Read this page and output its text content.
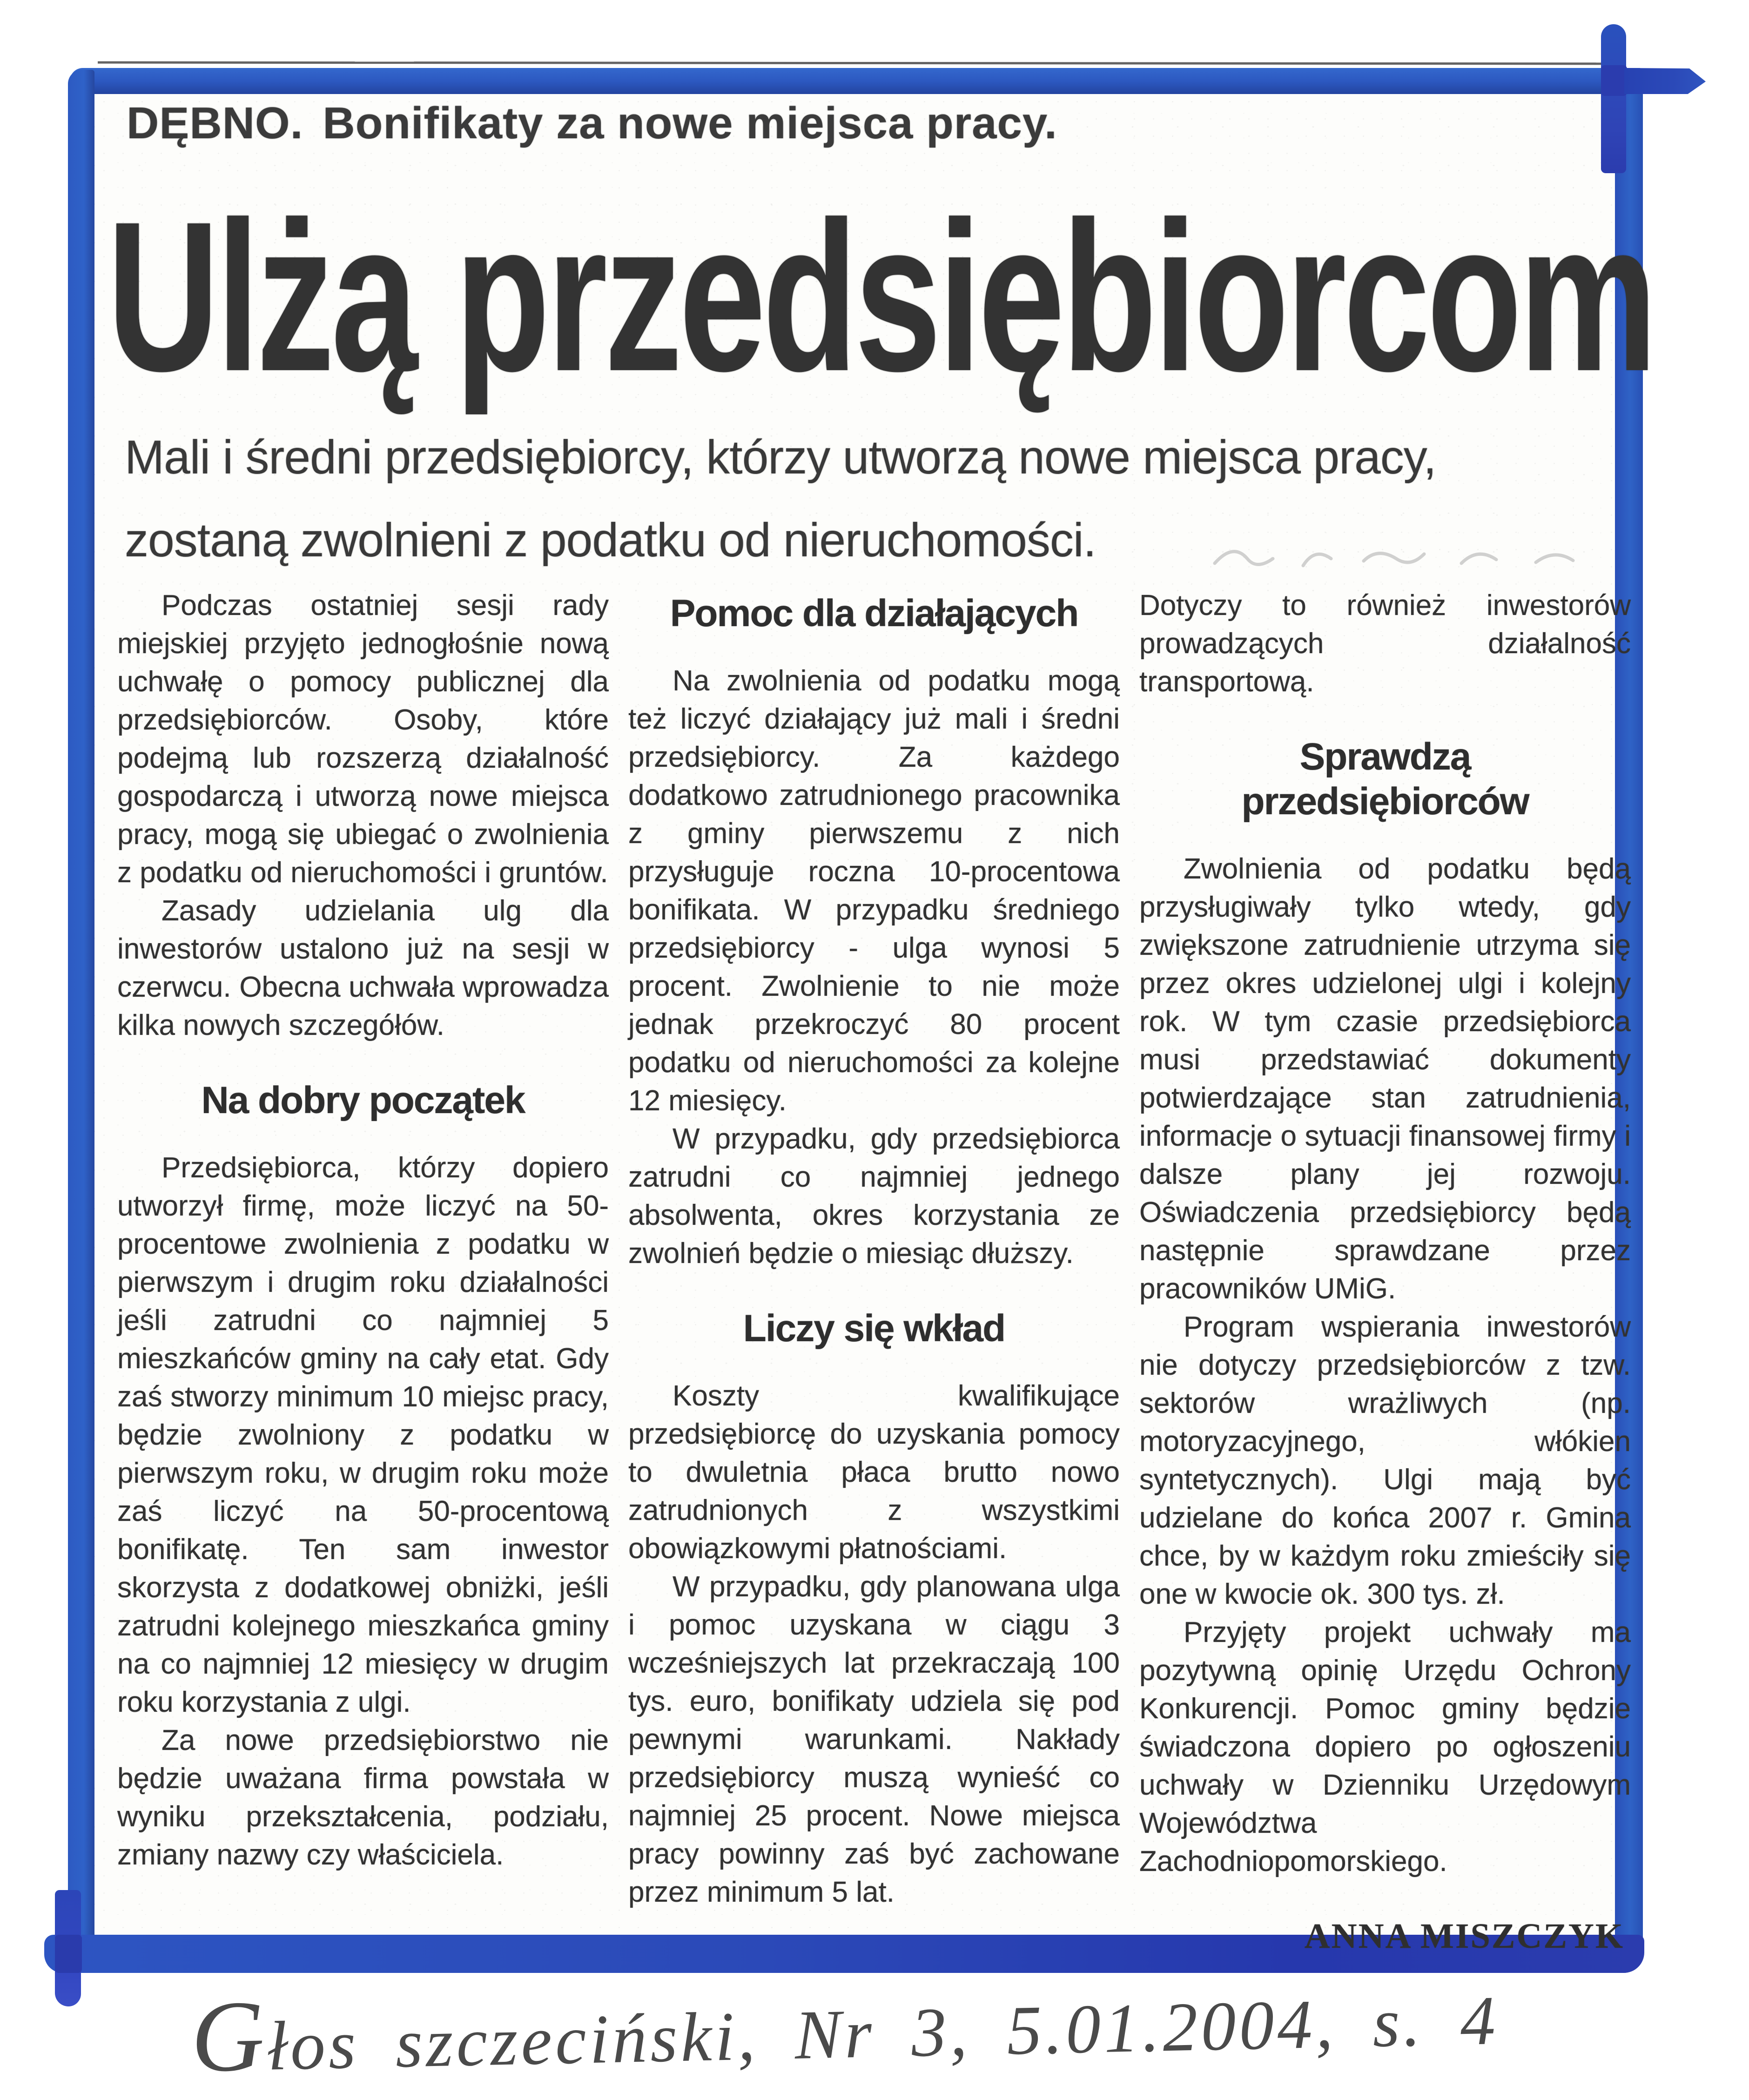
DĘBNO. Bonifikaty za nowe miejsca pracy.
Ulżą przedsiębiorcom
Mali i średni przedsiębiorcy, którzy utworzą nowe miejsca pracy,
zostaną zwolnieni z podatku od nieruchomości.

Podczas ostatniej sesji rady miejskiej przyjęto jednogłośnie nową uchwałę o pomocy publicznej dla przedsiębiorców. Osoby, które podejmą lub rozszerzą działalność gospodarczą i utworzą nowe miejsca pracy, mogą się ubiegać o zwolnienia z podatku od nieruchomości i gruntów.

Zasady udzielania ulg dla inwestorów ustalono już na sesji w czerwcu. Obecna uchwała wprowadza kilka nowych szczegółów.

Na dobry początek

Przedsiębiorca, którzy dopiero utworzył firmę, może liczyć na 50-procentowe zwolnienia z podatku w pierwszym i drugim roku działalności jeśli zatrudni co najmniej 5 mieszkańców gminy na cały etat. Gdy zaś stworzy minimum 10 miejsc pracy, będzie zwolniony z podatku w pierwszym roku, w drugim roku może zaś liczyć na 50-procentową bonifikatę. Ten sam inwestor skorzysta z dodatkowej obniżki, jeśli zatrudni kolejnego mieszkańca gminy na co najmniej 12 miesięcy w drugim roku korzystania z ulgi.

Za nowe przedsiębiorstwo nie będzie uważana firma powstała w wyniku przekształcenia, podziału, zmiany nazwy czy właściciela.

Pomoc dla działających

Na zwolnienia od podatku mogą też liczyć działający już mali i średni przedsiębiorcy. Za każdego dodatkowo zatrudnionego pracownika z gminy pierwszemu z nich przysługuje roczna 10-procentowa bonifikata. W przypadku średniego przedsiębiorcy - ulga wynosi 5 procent. Zwolnienie to nie może jednak przekroczyć 80 procent podatku od nieruchomości za kolejne 12 miesięcy.

W przypadku, gdy przedsiębiorca zatrudni co najmniej jednego absolwenta, okres korzystania ze zwolnień będzie o miesiąc dłuższy.

Liczy się wkład

Koszty kwalifikujące przedsiębiorcę do uzyskania pomocy to dwuletnia płaca brutto nowo zatrudnionych z wszystkimi obowiązkowymi płatnościami.

W przypadku, gdy planowana ulga i pomoc uzyskana w ciągu 3 wcześniejszych lat przekraczają 100 tys. euro, bonifikaty udziela się pod pewnymi warunkami. Nakłady przedsiębiorcy muszą wynieść co najmniej 25 procent. Nowe miejsca pracy powinny zaś być zachowane przez minimum 5 lat.

Dotyczy to również inwestorów prowadzących działalność transportową.

Sprawdzą
przedsiębiorców

Zwolnienia od podatku będą przysługiwały tylko wtedy, gdy zwiększone zatrudnienie utrzyma się przez okres udzielonej ulgi i kolejny rok. W tym czasie przedsiębiorca musi przedstawiać dokumenty potwierdzające stan zatrudnienia, informacje o sytuacji finansowej firmy i dalsze plany jej rozwoju. Oświadczenia przedsiębiorcy będą następnie sprawdzane przez pracowników UMiG.

Program wspierania inwestorów nie dotyczy przedsiębiorców z tzw. sektorów wrażliwych (np. motoryzacyjnego, włókien syntetycznych). Ulgi mają być udzielane do końca 2007 r. Gmina chce, by w każdym roku zmieściły się one w kwocie ok. 300 tys. zł.

Przyjęty projekt uchwały ma pozytywną opinię Urzędu Ochrony Konkurencji. Pomoc gminy będzie świadczona dopiero po ogłoszeniu uchwały w Dzienniku Urzędowym Województwa Zachodniopomorskiego.

ANNA MISZCZYK
Głos szczeciński, Nr 3, 5.01.2004, s. 4
